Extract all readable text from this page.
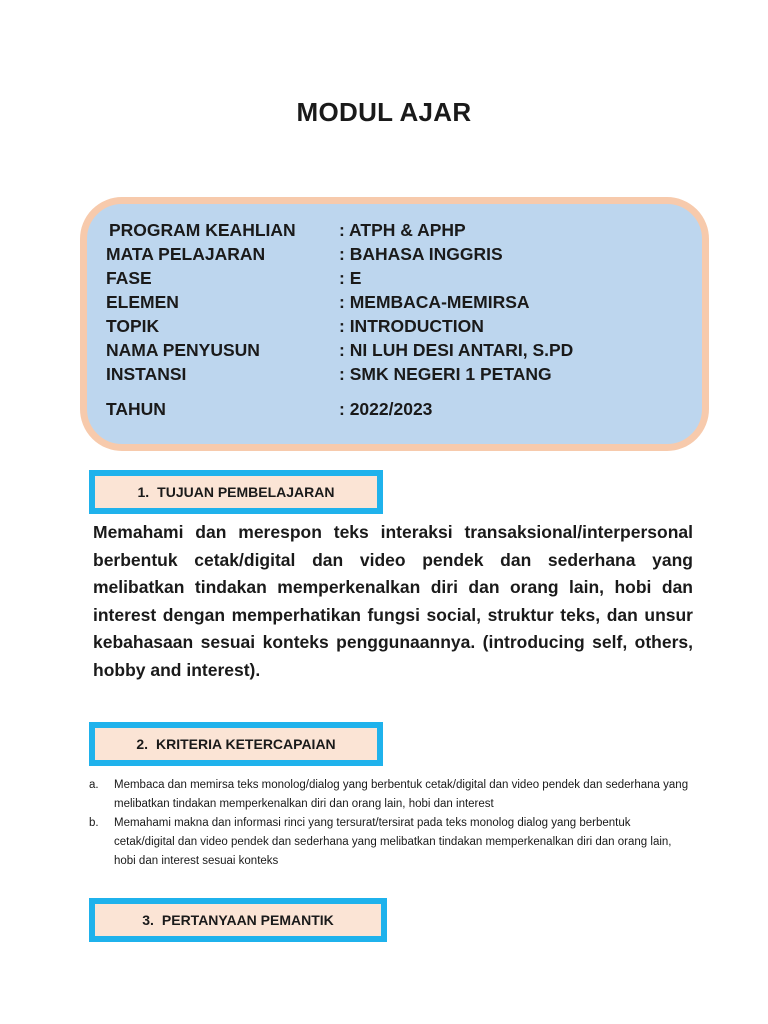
MODUL AJAR
PROGRAM KEAHLIAN	: ATPH & APHP
MATA PELAJARAN	: BAHASA INGGRIS
FASE	: E
ELEMEN	: MEMBACA-MEMIRSA
TOPIK	: INTRODUCTION
NAMA PENYUSUN	: NI LUH DESI ANTARI, S.PD
INSTANSI	: SMK NEGERI 1 PETANG
TAHUN	: 2022/2023
1. TUJUAN PEMBELAJARAN
Memahami dan merespon teks interaksi transaksional/interpersonal berbentuk cetak/digital dan video pendek dan sederhana yang melibatkan tindakan memperkenalkan diri dan orang lain, hobi dan interest dengan memperhatikan fungsi social, struktur teks, dan unsur kebahasaan sesuai konteks penggunaannya. (introducing self, others, hobby and interest).
2. KRITERIA KETERCAPAIAN
a. Membaca dan memirsa teks monolog/dialog yang berbentuk cetak/digital dan video pendek dan sederhana yang melibatkan tindakan memperkenalkan diri dan orang lain, hobi dan interest
b. Memahami makna dan informasi rinci yang tersurat/tersirat pada teks monolog dialog yang berbentuk cetak/digital dan video pendek dan sederhana yang melibatkan tindakan memperkenalkan diri dan orang lain, hobi dan interest sesuai konteks
3. PERTANYAAN PEMANTIK
